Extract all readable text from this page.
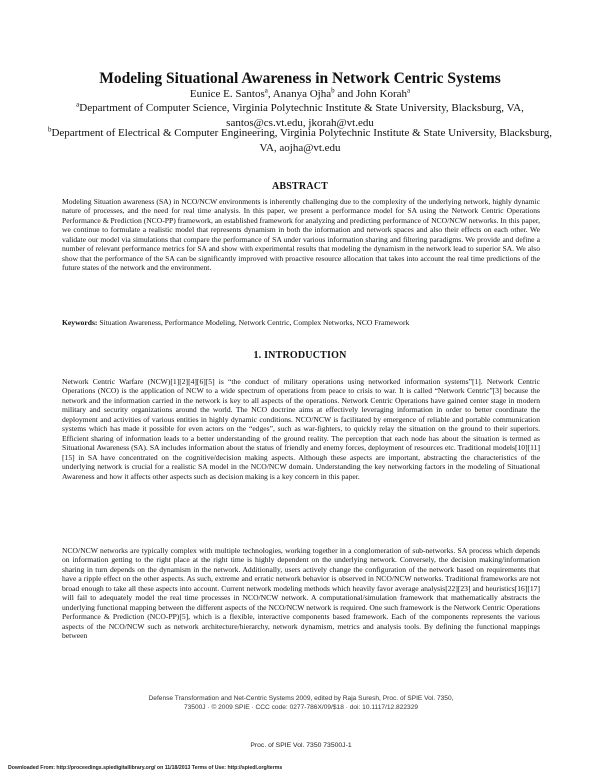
Modeling Situational Awareness in Network Centric Systems
Eunice E. Santos$^a$, Ananya Ojha$^b$ and John Korah$^a$
$^a$Department of Computer Science, Virginia Polytechnic Institute & State University, Blacksburg, VA, santos@cs.vt.edu, jkorah@vt.edu
$^b$Department of Electrical & Computer Engineering, Virginia Polytechnic Institute & State University, Blacksburg, VA, aojha@vt.edu
ABSTRACT

Modeling Situation awareness (SA) in NCO/NCW environments is inherently challenging due to the complexity of the underlying network, highly dynamic nature of processes, and the need for real time analysis. In this paper, we present a performance model for SA using the Network Centric Operations Performance & Prediction (NCO-PP) framework, an established framework for analyzing and predicting performance of NCO/NCW networks. In this paper, we continue to formulate a realistic model that represents dynamism in both the information and network spaces and also their effects on each other. We validate our model via simulations that compare the performance of SA under various information sharing and filtering paradigms. We provide and define a number of relevant performance metrics for SA and show with experimental results that modeling the dynamism in the network lead to superior SA. We also show that the performance of the SA can be significantly improved with proactive resource allocation that takes into account the real time predictions of the future states of the network and the environment.

Keywords: Situation Awareness, Performance Modeling, Network Centric, Complex Networks, NCO Framework

1. INTRODUCTION

Network Centric Warfare (NCW)[1][2][4][6][5] is “the conduct of military operations using networked information systems”[1]. Network Centric Operations (NCO) is the application of NCW to a wide spectrum of operations from peace to crisis to war. It is called “Network Centric”[3] because the network and the information carried in the network is key to all aspects of the operations. Network Centric Operations have gained center stage in modern military and security organizations around the world. The NCO doctrine aims at effectively leveraging information in order to better coordinate the deployment and activities of various entities in highly dynamic conditions. NCO/NCW is facilitated by emergence of reliable and portable communication systems which has made it possible for even actors on the “edges”, such as war-fighters, to quickly relay the situation on the ground to their superiors. Efficient sharing of information leads to a better understanding of the ground reality. The perception that each node has about the situation is termed as Situational Awareness (SA). SA includes information about the status of friendly and enemy forces, deployment of resources etc. Traditional models[10][11][15] in SA have concentrated on the cognitive/decision making aspects. Although these aspects are important, abstracting the characteristics of the underlying network is crucial for a realistic SA model in the NCO/NCW domain. Understanding the key networking factors in the modeling of Situational Awareness and how it affects other aspects such as decision making is a key concern in this paper.

NCO/NCW networks are typically complex with multiple technologies, working together in a conglomeration of sub-networks. SA process which depends on information getting to the right place at the right time is highly dependent on the underlying network. Conversely, the decision making/information sharing in turn depends on the dynamism in the network. Additionally, users actively change the configuration of the network based on requirements that have a ripple effect on the other aspects. As such, extreme and erratic network behavior is observed in NCO/NCW networks. Traditional frameworks are not broad enough to take all these aspects into account. Current network modeling methods which heavily favor average analysis[22][23] and heuristics[16][17] will fail to adequately model the real time processes in NCO/NCW network. A computational/simulation framework that mathematically abstracts the underlying functional mapping between the different aspects of the NCO/NCW network is required. One such framework is the Network Centric Operations Performance & Prediction (NCO-PP)[5], which is a flexible, interactive components based framework. Each of the components represents the various aspects of the NCO/NCW such as network architecture/hierarchy, network dynamism, metrics and analysis tools. By defining the functional mappings between

Defense Transformation and Net-Centric Systems 2009, edited by Raja Suresh, Proc. of SPIE Vol. 7350,
73500J · © 2009 SPIE · CCC code: 0277-786X/09/$18 · doi: 10.1117/12.822329
Proc. of SPIE Vol. 7350 73500J-1
Downloaded From: http://proceedings.spiedigitallibrary.org/ on 11/18/2013 Terms of Use: http://spiedl.org/terms
